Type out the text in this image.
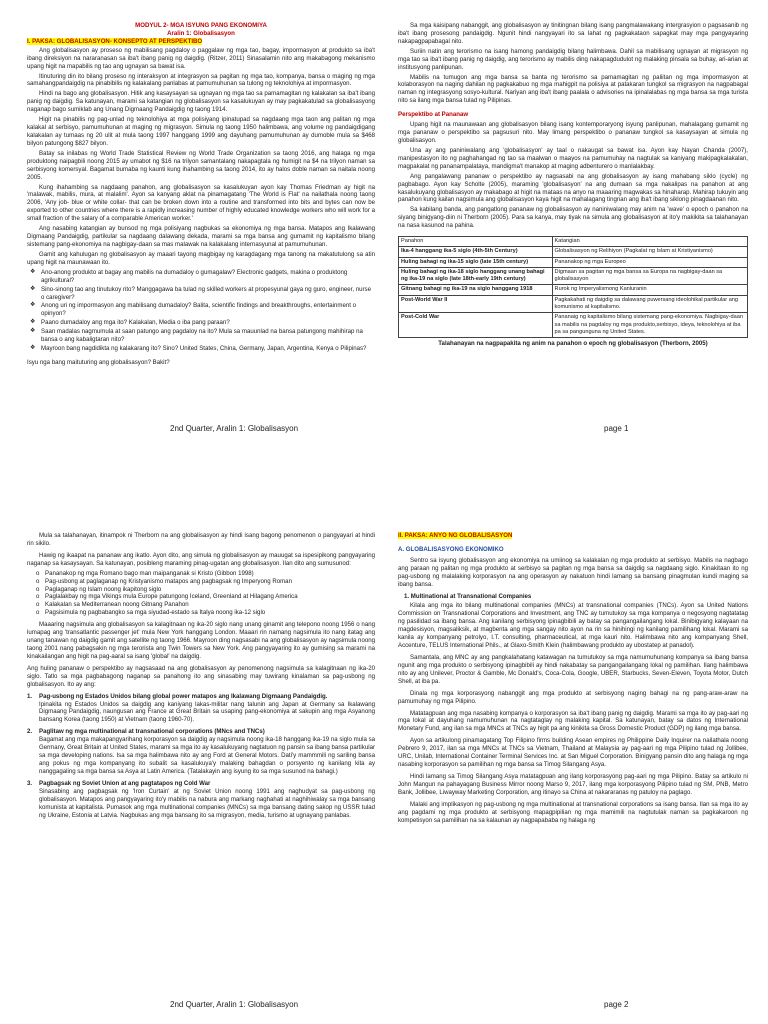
MODYUL 2- MGA ISYUNG PANG EKONOMIYA
Aralin 1: Globalisasyon
I. PAKSA: GLOBALISASYON- KONSEPTO AT PERSPEKTIBO

Ang globalisasyon ay proseso ng mabilisang pagdaloy o paggalaw ng mga tao, bagay, impormasyon at produkto sa iba't ibang direksiyon na nararanasan sa iba't ibang panig ng daigdig. (Ritzer, 2011) Sinasalamin nito ang makabagong mekanismo upang higit na mapabilis ng tao ang ugnayan sa bawat isa.

Itinuturing din ito bilang proseso ng interaksyon at integrasyon sa pagitan ng mga tao, kompanya, bansa o maging ng mga samahangpandaigdig na pinabibilis ng kalakalang panlabas at pamumuhunan sa tulong ng teknolohiya at impormasyon.

Hindi na bago ang globalisasyon. Hitik ang kasaysayan sa ugnayan ng mga tao sa pamamagitan ng kalakalan sa iba't ibang panig ng daigdig. Sa katunayan, marami sa katangian ng globalisasyon sa kasalukuyan ay may pagkakatulad sa globalisasyong naganap bago sumiklab ang Unang Digmaang Pandaigdig ng taong 1914.

Higit na pinabilis ng pag-unlad ng teknolohiya at mga polisiyang ipinatupad sa nagdaang mga taon ang palitan ng mga kalakal at serbisyo, pamumuhunan at maging ng migrasyon. Simula ng taong 1950 halimbawa, ang volume ng pandaigdigang kalakalan ay tumaas ng 20 ulit at mula taong 1997 hanggang 1999 ang dayuhang pamumuhunan ay dumoble mula sa $468 bilyon patungong $827 bilyon.

Batay sa inilabas ng World Trade Statistical Review ng World Trade Organization sa taong 2016, ang halaga ng mga produktong naipagbili noong 2015 ay umabot ng $16 na trilyon samantalang nakapagtala ng humigit na $4 na trilyon naman sa serbisyong komersyal. Bagamat bumaba ng kaunti kung ihahambing sa taong 2014, ito ay halos doble naman sa naitala noong 2005.

Kung ihahambing sa nagdaang panahon, ang globalisasyon sa kasalukuyan ayon kay Thomas Friedman ay higit na 'malawak, mabilis, mura, at malalim'. Ayon sa kanyang aklat na pinamagatang 'The World is Flat' na nailathala noong taong 2006, 'Any job- blue or white collar- that can be broken down into a routine and transformed into bits and bytes can now be exported to other countries where there is a rapidly increasing number of highly educated knowledge workers who will work for a small fraction of the salary of a comparable American worker.'

Ang nasabing katangian ay bunsod ng mga polisiyang nagbukas sa ekonomiya ng mga bansa. Matapos ang Ikalawang Digmaang Pandaigdig, partikular sa nagdaang dalawang dekada, marami sa mga bansa ang gumamit ng kapitalismo bilang sistemang pang-ekonomiya na nagbigay-daan sa mas malawak na kalakalang internasyunal at pamumuhunan.

Gamit ang kahulugan ng globalisasyon ay maaari tayong magbigay ng karagdagang mga tanong na makatutulong sa atin upang higit na maunawaan ito.

❖ Ano-anong produkto at bagay ang mabilis na dumadaloy o gumagalaw? Electronic gadgets, makina o produktong agrikultural?
❖ Sino-sinong tao ang tinutukoy rito? Manggagawa ba tulad ng skilled workers at propesyunal gaya ng guro, engineer, nurse o caregiver?
❖ Anong uri ng impormasyon ang mabilisang dumadaloy? Balita, scientific findings and breakthroughs, entertainment o opinyon?
❖ Paano dumadaloy ang mga ito? Kalakalan, Media o iba pang paraan?
❖ Saan madalas nagmumula at saan patungo ang pagdaloy na ito? Mula sa mauunlad na bansa patungong mahihirap na bansa o ang kabaligtaran nito?
❖ Mayroon bang nagdidikta ng kalakarang ito? Sino? United States, China, Germany, Japan, Argentina, Kenya o Pilipinas?

Isyu nga bang maituturing ang globalisasyon? Bakit?

2nd Quarter, Aralin 1: Globalisasyon

Sa mga kaisipang nabanggit, ang globalisasyon ay tinitingnan bilang isang pangmalawakang intergrasyion o pagsasanib ng iba't ibang prosesong pandaigdig. Ngunit hindi nangyayari ito sa lahat ng pagkakataon sapagkat may mga pangyayaring nakapagpapabagal nito.

Suriin natin ang terorismo na isang hamong pandaigdig bilang halimbawa. Dahil sa mabilisang ugnayan at migrasyon ng mga tao sa iba't ibang panig ng daigdig, ang terorismo ay mabilis ding nakapagdudulot ng malaking pinsala sa buhay, ari-arian at institusyong panlipunan.

Mabilis na tumugon ang mga bansa sa banta ng terorismo sa pamamagitan ng paliitan ng mga impormasyon at kolaborasyon na naging dahilan ng pagkakabuo ng mga mahigpit na polisiya at patakaran tungkol sa migrasyon na nagpabagal naman ng integrasyong sosyo-kultural. Nariyan ang iba't ibang paalala o advisories na ipinalalabas ng mga bansa sa mga turista nito sa ilang mga bansa tulad ng Pilipinas.

Perspektibo at Pananaw

Upang higit na maunawaan ang globalisasyon bilang isang kontemporaryong isyung panlipunan, mahalagang gumamit ng mga pananaw o perspektibo sa pagsusuri nito. May limang perspektibo o pananaw tungkol sa kasaysayan at simula ng globalisasyon.

Una ay ang paniniwalang ang 'globalisasyon' ay taal o nakaugat sa bawat isa. Ayon kay Nayan Chanda (2007), manipestasyon ito ng paghahangad ng tao sa maalwan o maayos na pamumuhay na nagtulak sa kaniyang makipagkalakalan, magpakalat ng pananampalataya, mandigma't manakop at maging adbenturero o manlalakbay.

Ang pangalawang pananaw o perspektibo ay nagsasabi na ang globalisasyon ay isang mahabang siklo (cycle) ng pagbabago. Ayon kay Scholte (2005), maraming 'globalisasyon' na ang dumaan sa mga nakalipas na panahon at ang kasalukuyang globalisasyon ay makabago at higit na mataas na anyo na maaaring magwakas sa hinaharap. Mahirap tukuyin ang panahon kung kailan nagsimula ang globalisasyon kaya higit na mahalagang tingnan ang iba't ibang siklong pinagdaanan nito.

Sa kabilang banda, ang pangatlong pananaw ng globalisasyon ay naniniwalang may anim na 'wave' o epoch o panahon na siyang binigyang-diin ni Therborn (2005). Para sa kanya, may tiyak na simula ang globalisasyon at ito'y makikita sa talahanayan na nasa kasunod na pahina.

Panahon	Katangian
Ika-4 hanggang ika-5 siglo (4th-5th Century)	Globalisasyon ng Relihiyon (Pagkalat ng Islam at Kristiyanismo)
Huling bahagi ng ika-15 siglo (late 15th century)	Pananakop ng mga Europeo
Huling bahagi ng ika-18 siglo hanggang unang bahagi ng ika-19 na siglo (late 18th-early 19th century)	Digmaan sa pagitan ng mga bansa sa Europa na nagbigay-daan sa globalisasyon
Gitnang bahagi ng ika-19 na siglo hanggang 1918	Rurok ng Imperyalismong Kanluranin
Post-World War II	Pagkakahati ng daigdig sa dalawang puwersang ideolohikal partikular ang komunismo at kapitalismo.
Post-Cold War	Pananaig ng kapitalismo bilang sistemang pang-ekonomiya. Nagbigay-daan sa mabilis na pagdaloy ng mga produkto,serbisyo, ideya, teknolohiya at iba pa sa pangunguna ng United States.
Talahanayan na nagpapakita ng anim na panahon o epoch ng globalisasyon (Therborn, 2005)
page 1

Mula sa talahanayan, itinampok ni Therborn na ang globalisasyon ay hindi isang bagong penomenon o pangyayari at hindi rin sikilo.

Hawig ng ikaapat na pananaw ang ikatlo. Ayon dito, ang simula ng globalisasyon ay mauugat sa ispesipikong pangyayaring naganap sa kasaysayan. Sa katunayan, posibleng maraming pinag-ugatan ang globalisasyon. Ilan dito ang sumusunod:

o Pananakop ng mga Romano bago man maipanganak si Kristo (Gibbon 1998)
o Pag-usbong at paglaganap ng Kristyanismo matapos ang pagbagsak ng Imperyong Roman
o Paglaganap ng Islam noong ikapitong siglo
o Paglalakbay ng mga Vikings mula Europe patungong Iceland, Greenland at Hilagang America
o Kalakalan sa Mediterranean noong Gitnang Panahon
o Pagsisimula ng pagbabangko sa mga siyudad-estado sa Italya noong ika-12 siglo

Maaaring nagsimula ang globalisasyon sa kalagitnaan ng ika-20 siglo nang unang ginamit ang telepono noong 1956 o nang lumapag ang 'transatlantic passenger jet' mula New York hanggang London. Maaari rin namang nagsimula ito nang itatag ang unang tanawan ng daigdig gamit ang satellite ng taong 1966. Mayroon ding nagsasabi na ang globalisasyon ay nagsimula noong taong 2001 nang pabagsakin ng mga terorista ang Twin Towers sa New York. Ang pangyayaring ito ay gumising sa marami na kinakailangan ang higit na pag-aaral sa isang 'global' na daigdig.

Ang huling pananaw o perspektibo ay nagsasaad na ang globalisasyon ay penomenong nagsimula sa kalagitnaan ng ika-20 siglo. Tatlo sa mga pagbabagong naganap sa panahong ito ang sinasabing may tuwirang kinalaman sa pag-usbong ng globalisasyon. Ito ay ang:

1. Pag-usbong ng Estados Unidos bilang global power matapos ang Ikalawang Digmaang Pandaigdig.

Ipinakita ng Estados Unidos sa daigdig ang kaniyang lakas-militar nang talunin ang Japan at Germany sa Ikalawang Digmaang Pandaigdig, naungusan ang France at Great Britain sa usaping pang-ekonomiya at sakupin ang mga Asyanong bansang Korea (taong 1950) at Vietnam (taong 1960-70).

2. Paglitaw ng mga multinational at transnational corporations (MNcs and TNCs)

Bagamat ang mga makapangyarihang korporasyon sa daigdig ay nagsimula noong ika-18 hanggang ika-19 na siglo mula sa Germany, Great Britain at United States, marami sa mga ito ay kasalukuyang nagtatuon ng pansin sa ibang bansa partikular sa mga developing nations. Isa sa mga halimbawa nito ay ang Ford at General Motors. Dati'y mammmili ng sariling bansa ang pokus ng mga kompanyang ito subalit sa kasalukuya'y malaking bahagdan o porsyento ng kanilang kita ay nanggagaling sa mga bansa sa Asya at Latin America. (Tatalakayin ang isyung ito sa mga susunod na bahagi.)

3. Pagbagsak ng Soviet Union at ang pagtatapos ng Cold War

Sinasabing ang pagbagsak ng 'Iron Curtain' at ng Soviet Union noong 1991 ang naghudyat sa pag-usbong ng globalisasyon. Matapos ang pangyayaring ito'y mabilis na nabura ang markang naghahati at naghihiwalay sa mga bansang komunista at kapitalista. Pumasok ang mga multinational companies (MNCs) sa mga bansang dating sakop ng USSR tulad ng Ukraine, Estonia at Latvia. Nagbukas ang mga bansang ito sa migrasyon, media, turismo at ugnayang panlabas.

2nd Quarter, Aralin 1: Globalisasyon
II. PAKSA: ANYO NG GLOBALISASYON
A. GLOBALISASYONG EKONOMIKO

Sentro sa isyung globalisasyon ang ekonomiya na umiinog sa kalakalan ng mga produkto at serbisyo. Mabilis na nagbago ang paraan ng palitan ng mga produkto at serbisyo sa pagitan ng mga bansa sa daigdig sa nagdaang siglo. Kinakitaan ito ng pag-usbong ng malalaking korporasyon na ang operasyon ay nakatuon hindi lamang sa bansang pinagmulan kundi maging sa ibang bansa.

1. Multinational at Transnational Companies

Kilala ang mga ito bilang multinational companies (MNCs) at transnational companies (TNCs). Ayon sa United Nations Commission on Transnational Corporations and Investment, ang TNC ay tumutukoy sa mga kompanya o negosyong nagtatatag ng pasilidad sa ibang bansa. Ang kanilang serbisyong ipinagbibili ay batay sa pangangailangang lokal. Binibigyang kalayaan na magdesisyon, magsaliksik, at magbenta ang mga sangay nito ayon na rin sa hinihingi ng kanilang pamilihang lokal. Marami sa kanila ay kompanyang petrolyo, I.T. consulting, pharmaceutical, at mga kauri nito. Halimbawa nito ang kompanyang Shell, Accenture, TELUS International Phils., at Glaxo-Smith Klein (halimbawang produkto ay ubostatep at panadol).

Samantala, ang MNC ay ang pangkalahatang katawagan na tumutukoy sa mga namumuhunang kompanya sa ibang bansa ngunit ang mga produkto o serbisyong ipinagbibili ay hindi nakabatay sa pangangailangang lokal ng pamilihan. Ilang halimbawa nito ay ang Unilever, Proctor & Gamble, Mc Donald's, Coca-Cola, Google, UBER, Starbucks, Seven-Eleven, Toyota Motor, Dutch Shell, at iba pa.

Dinala ng mga korporasyong nabanggit ang mga produkto at serbisyong naging bahagi na ng pang-araw-araw na pamumuhay ng mga Pilipino.

Matatagpuan ang mga nasabing kompanya o korporasyon sa iba't ibang panig ng daigdig. Marami sa mga ito ay pag-aari ng mga lokal at dayuhang namumuhunan na nagtataglay ng malaking kapital. Sa katunayan, batay sa datos ng International Monetary Fund, ang ilan sa mga MNCs at TNCs ay higit pa ang kinikita sa Gross Domestic Product (GDP) ng ilang mga bansa.

Ayon sa artikulong pinamagatang Top Filipino firms building Asean empires ng Philippine Daily Inquirer na nailathala noong Pebrero 9, 2017, ilan sa mga MNCs at TNCs sa Vietnam, Thailand at Malaysia ay pag-aari ng mga Pilipino tulad ng Jollibee, URC, Unilab, International Container Terminal Services Inc. at San Miguel Corporation. Binigyang pansin dito ang halaga ng mga nasabing korporasyon sa pamilihan ng mga bansa sa Timog Silangang Asya.

Hindi lamang sa Timog Silangang Asya matatagpuan ang ilang korporasyong pag-aari ng mga Pilipino. Batay sa artikulo ni John Mangun na pahayagang Business Mirror noong Marso 9, 2017, ilang mga korporasyong Pilipino tulad ng SM, PNB, Metro Bank, Jollibee, Liwayway Marketing Corporation, ang itinayo sa China at nakararanas ng patuloy na paglago.

Malaki ang implikasyon ng pag-usbong ng mga multinational at transnational corporations sa isang bansa. Ilan sa mga ito ay ang pagdami ng mga produkto at serbisyong mapagpipilian ng mga mamimili na nagtutulak naman sa pagkakaroon ng kompetisyon sa pamilihan na sa kalaunan ay nagpapababa ng halaga ng

page 2
